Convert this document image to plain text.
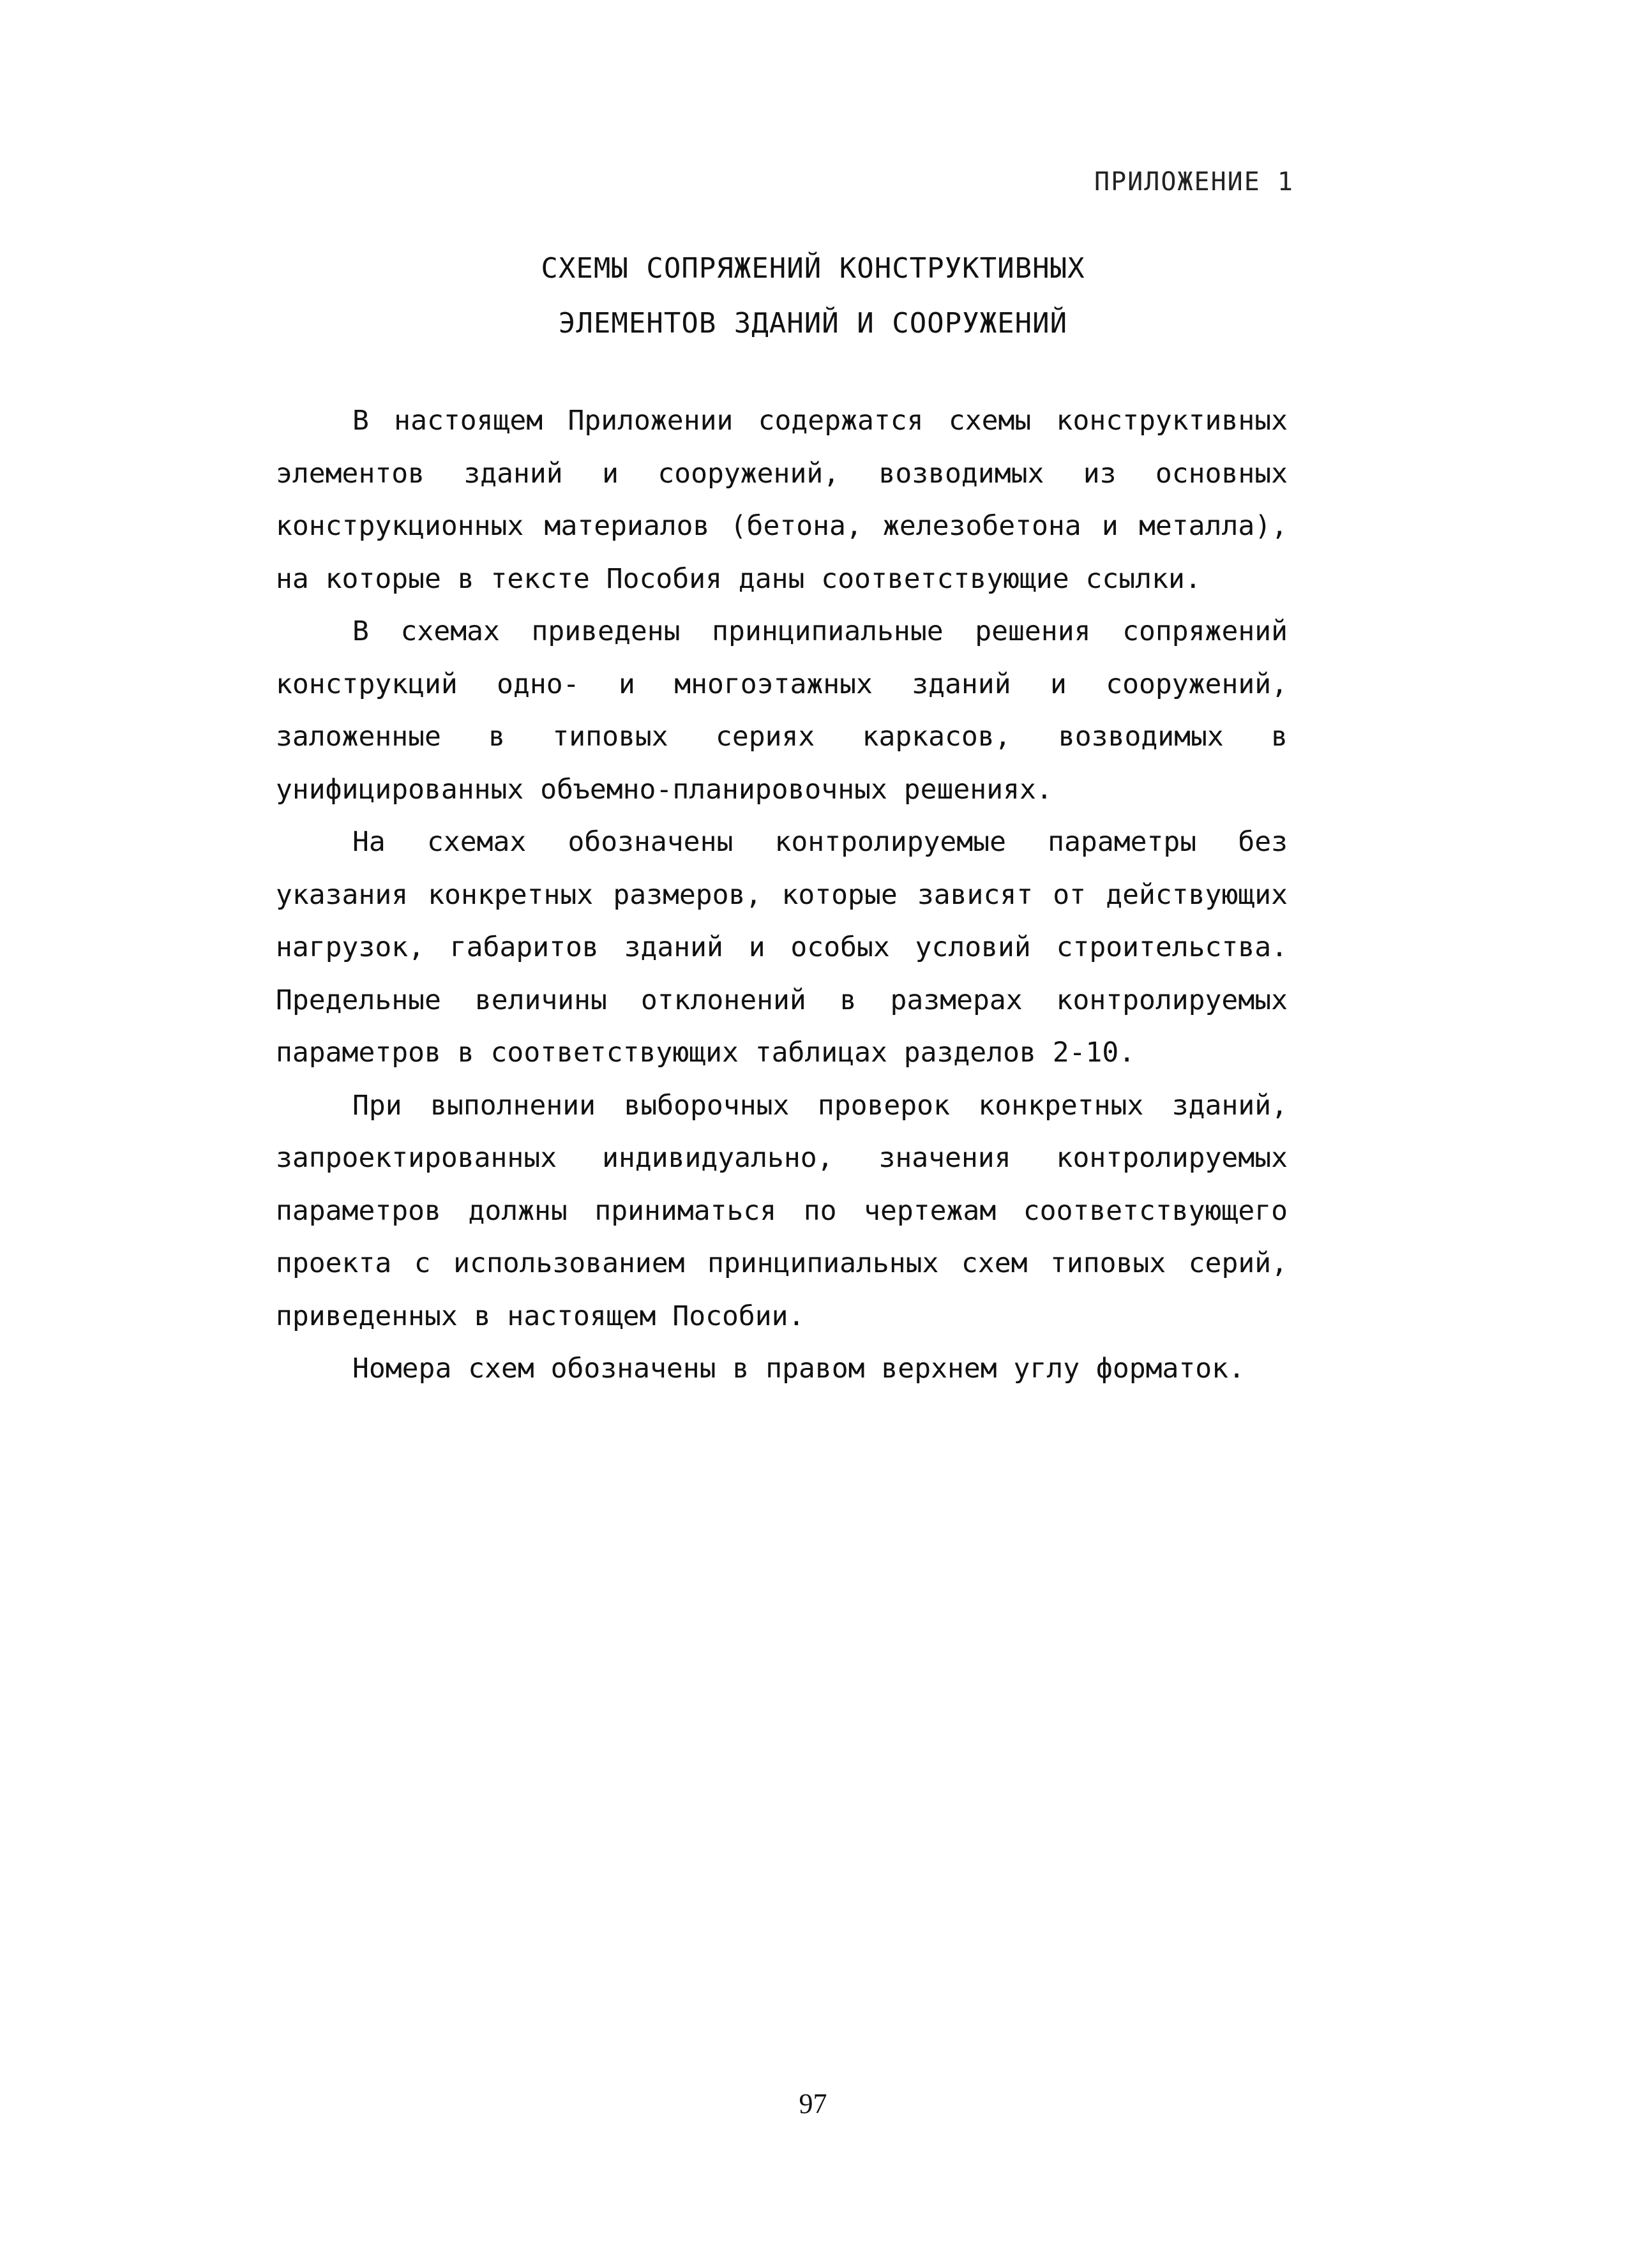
ПРИЛОЖЕНИЕ 1
СХЕМЫ СОПРЯЖЕНИЙ КОНСТРУКТИВНЫХ
ЭЛЕМЕНТОВ ЗДАНИЙ И СООРУЖЕНИЙ

В настоящем Приложении содержатся схемы конструктивных элементов зданий и сооружений, возводимых из основных конструкционных материалов (бетона, железобетона и металла), на которые в тексте Пособия даны соответствующие ссылки.

В схемах приведены принципиальные решения сопряжений конструкций одно- и многоэтажных зданий и сооружений, заложенные в типовых сериях каркасов, возводимых в унифицированных объемно-планировочных решениях.

На схемах обозначены контролируемые параметры без указания конкретных размеров, которые зависят от действующих нагрузок, габаритов зданий и особых условий строительства. Предельные величины отклонений в размерах контролируемых параметров в соответствующих таблицах разделов 2-10.

При выполнении выборочных проверок конкретных зданий, запроектированных индивидуально, значения контролируемых параметров должны приниматься по чертежам соответствующего проекта с использованием принципиальных схем типовых серий, приведенных в настоящем Пособии.

Номера схем обозначены в правом верхнем углу форматок.

97
